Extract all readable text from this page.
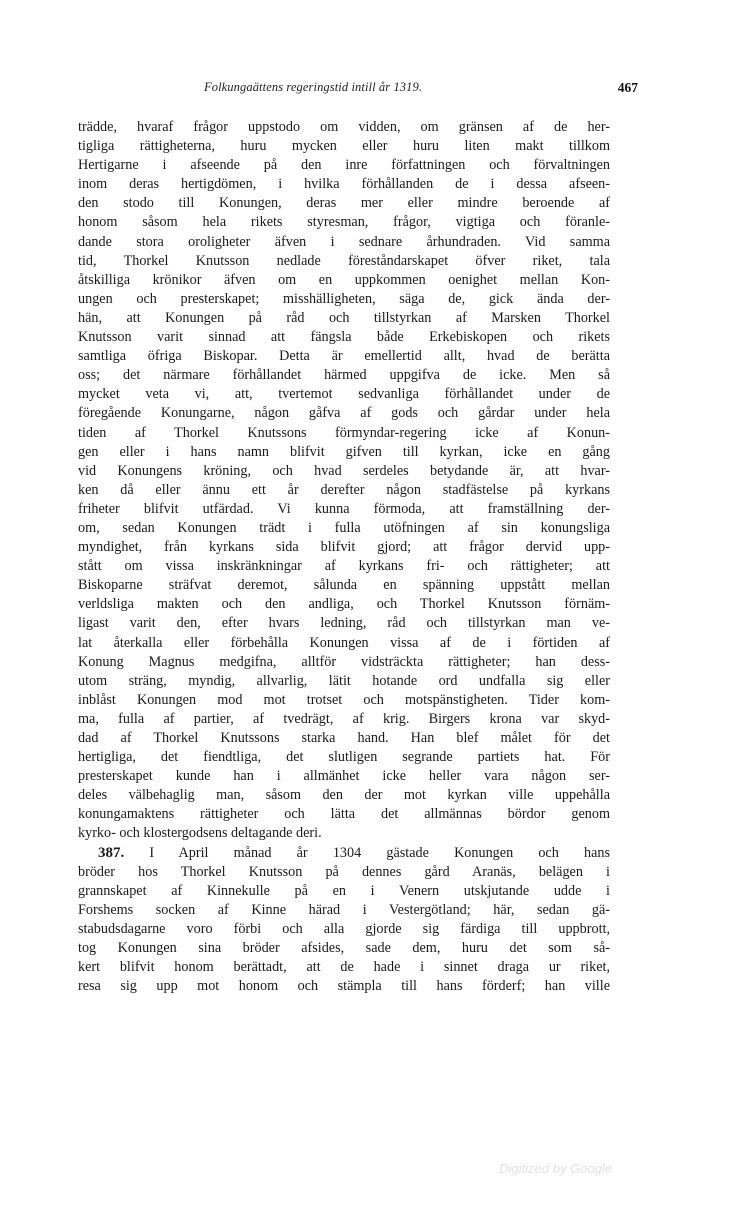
Folkungaättens regeringstid intill år 1319.	467
trädde, hvaraf frågor uppstodo om vidden, om gränsen af de her-
tigliga rättigheterna, huru mycken eller huru liten makt tillkom
Hertigarne i afseende på den inre författningen och förvaltningen
inom deras hertigdömen, i hvilka förhållanden de i dessa afseen-
den stodo till Konungen, deras mer eller mindre beroende af
honom såsom hela rikets styresman, frågor, vigtiga och föranle-
dande stora oroligheter äfven i sednare århundraden. Vid samma
tid, Thorkel Knutsson nedlade föreståndarskapet öfver riket, tala
åtskilliga krönikor äfven om en uppkommen oenighet mellan Kon-
ungen och presterskapet; misshälligheten, säga de, gick ända der-
hän, att Konungen på råd och tillstyrkan af Marsken Thorkel
Knutsson varit sinnad att fängsla både Erkebiskopen och rikets
samtliga öfriga Biskopar. Detta är emellertid allt, hvad de berätta
oss; det närmare förhållandet härmed uppgifva de icke. Men så
mycket veta vi, att, tvertemot sedvanliga förhållandet under de
föregående Konungarne, någon gåfva af gods och gårdar under hela
tiden af Thorkel Knutssons förmyndar-regering icke af Konun-
gen eller i hans namn blifvit gifven till kyrkan, icke en gång
vid Konungens kröning, och hvad serdeles betydande är, att hvar-
ken då eller ännu ett år derefter någon stadfästelse på kyrkans
friheter blifvit utfärdad. Vi kunna förmoda, att framställning der-
om, sedan Konungen trädt i fulla utöfningen af sin konungsliga
myndighet, från kyrkans sida blifvit gjord; att frågor dervid upp-
stått om vissa inskränkningar af kyrkans fri- och rättigheter; att
Biskoparne sträfvat deremot, sålunda en spänning uppstått mellan
verldsliga makten och den andliga, och Thorkel Knutsson förnäm-
ligast varit den, efter hvars ledning, råd och tillstyrkan man ve-
lat återkalla eller förbehålla Konungen vissa af de i förtiden af
Konung Magnus medgifna, alltför vidsträckta rättigheter; han dess-
utom sträng, myndig, allvarlig, lätit hotande ord undfalla sig eller
inblåst Konungen mod mot trotset och motspänstigheten. Tider kom-
ma, fulla af partier, af tvedrägt, af krig. Birgers krona var skyd-
dad af Thorkel Knutssons starka hand. Han blef målet för det
hertigliga, det fiendtliga, det slutligen segrande partiets hat. För
presterskapet kunde han i allmänhet icke heller vara någon ser-
deles välbehaglig man, såsom den der mot kyrkan ville uppehålla
konungamaktens rättigheter och lätta det allmännas bördor genom
kyrko- och klostergodsens deltagande deri.
387. I April månad år 1304 gästade Konungen och hans
bröder hos Thorkel Knutsson på dennes gård Aranäs, belägen i
grannskapet af Kinnekulle på en i Venern utskjutande udde i
Forshems socken af Kinne härad i Vestergötland; här, sedan gä-
stabudsdagarne voro förbi och alla gjorde sig färdiga till uppbrott,
tog Konungen sina bröder afsides, sade dem, huru det som så-
kert blifvit honom berättadt, att de hade i sinnet draga ur riket,
resa sig upp mot honom och stämpla till hans förderf; han ville
Digitized by Google
